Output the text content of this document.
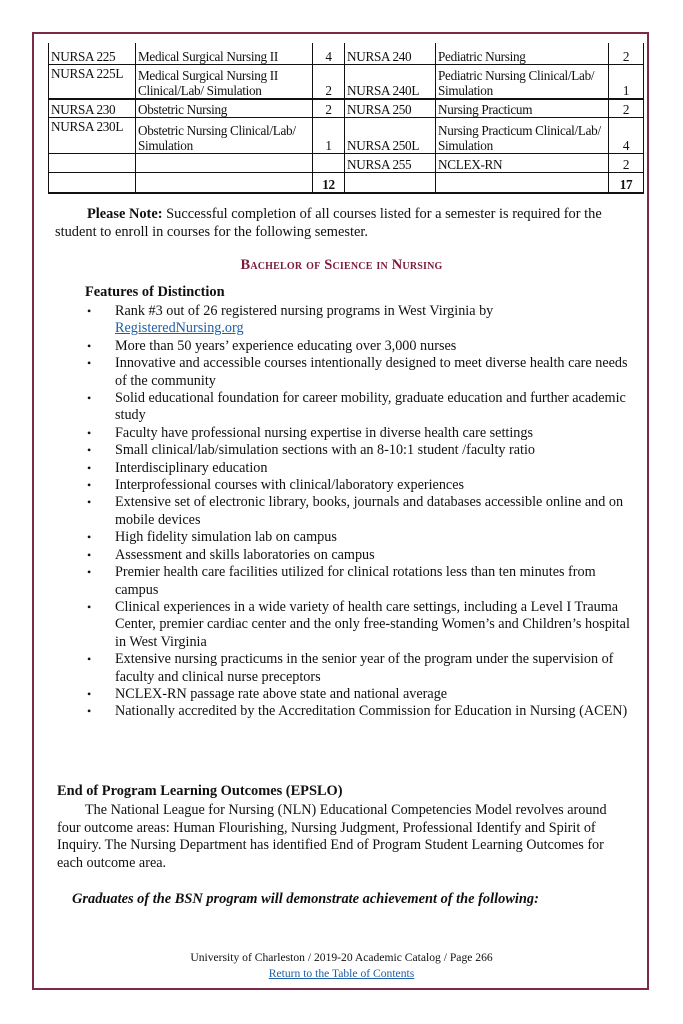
NURSA 225	Medical Surgical Nursing II	4	NURSA 240	Pediatric Nursing	2
NURSA 225L	Medical Surgical Nursing II Clinical/Lab/ Simulation	2	NURSA 240L	Pediatric Nursing Clinical/Lab/ Simulation	1
NURSA 230	Obstetric Nursing	2	NURSA 250	Nursing Practicum	2
NURSA 230L	Obstetric Nursing Clinical/Lab/ Simulation	1	NURSA 250L	Nursing Practicum Clinical/Lab/ Simulation	4
			NURSA 255	NCLEX-RN	2
		12			17

Please Note: Successful completion of all courses listed for a semester is required for the student to enroll in courses for the following semester.

Bachelor of Science in Nursing
Features of Distinction
• Rank #3 out of 26 registered nursing programs in West Virginia by
RegisteredNursing.org
• More than 50 years’ experience educating over 3,000 nurses
• Innovative and accessible courses intentionally designed to meet diverse health care needs of the community
• Solid educational foundation for career mobility, graduate education and further academic study
• Faculty have professional nursing expertise in diverse health care settings
• Small clinical/lab/simulation sections with an 8-10:1 student /faculty ratio
• Interdisciplinary education
• Interprofessional courses with clinical/laboratory experiences
• Extensive set of electronic library, books, journals and databases accessible online and on mobile devices
• High fidelity simulation lab on campus
• Assessment and skills laboratories on campus
• Premier health care facilities utilized for clinical rotations less than ten minutes from campus
• Clinical experiences in a wide variety of health care settings, including a Level I Trauma Center, premier cardiac center and the only free-standing Women’s and Children’s hospital in West Virginia
• Extensive nursing practicums in the senior year of the program under the supervision of faculty and clinical nurse preceptors
• NCLEX-RN passage rate above state and national average
• Nationally accredited by the Accreditation Commission for Education in Nursing (ACEN)
End of Program Learning Outcomes (EPSLO)

The National League for Nursing (NLN) Educational Competencies Model revolves around four outcome areas: Human Flourishing, Nursing Judgment, Professional Identify and Spirit of Inquiry. The Nursing Department has identified End of Program Student Learning Outcomes for each outcome area.

Graduates of the BSN program will demonstrate achievement of the following:
University of Charleston / 2019-20 Academic Catalog / Page 266
Return to the Table of Contents
